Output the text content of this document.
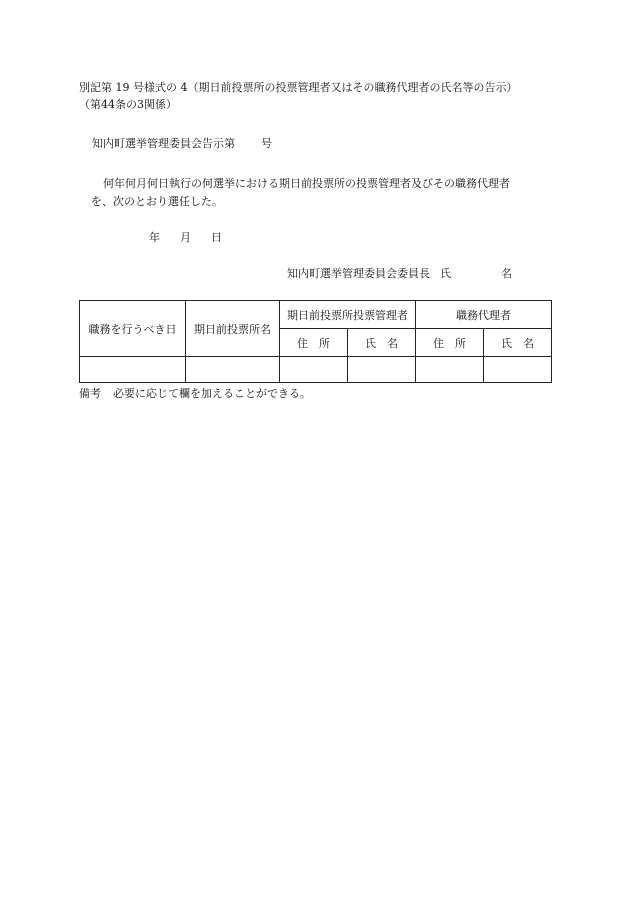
別記第 19 号様式の 4（期日前投票所の投票管理者又はその職務代理者の氏名等の告示）
（第44条の3関係）
知内町選挙管理委員会告示第 号
何年何月何日執行の何選挙における期日前投票所の投票管理者及びその職務代理者
を、次のとおり選任した。
年 月 日
知内町選挙管理委員会委員長 氏	名
職務を行うべき日	期日前投票所名	期日前投票所投票管理者		職務代理者	
		住　所	氏　名	住　所	氏　名

備考 必要に応じて欄を加えることができる。
